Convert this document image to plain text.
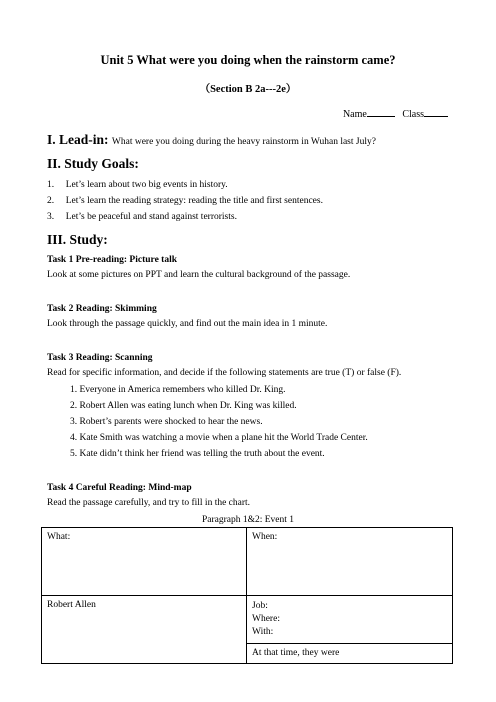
Unit 5 What were you doing when the rainstorm came?
（Section B 2a---2e）
Name	Class
I. Lead-in: What were you doing during the heavy rainstorm in Wuhan last July?
II. Study Goals:
1. Let’s learn about two big events in history.
2. Let’s learn the reading strategy: reading the title and first sentences.
3. Let’s be peaceful and stand against terrorists.
III. Study:
Task 1 Pre-reading: Picture talk
Look at some pictures on PPT and learn the cultural background of the passage.
Task 2 Reading: Skimming
Look through the passage quickly, and find out the main idea in 1 minute.
Task 3 Reading: Scanning
Read for specific information, and decide if the following statements are true (T) or false (F).
1. Everyone in America remembers who killed Dr. King.
2. Robert Allen was eating lunch when Dr. King was killed.
3. Robert’s parents were shocked to hear the news.
4. Kate Smith was watching a movie when a plane hit the World Trade Center.
5. Kate didn’t think her friend was telling the truth about the event.
Task 4 Careful Reading: Mind-map
Read the passage carefully, and try to fill in the chart.
Paragraph 1&2: Event 1
What:	When:
Robert Allen	Job:
Where:
With:

	At that time, they were
